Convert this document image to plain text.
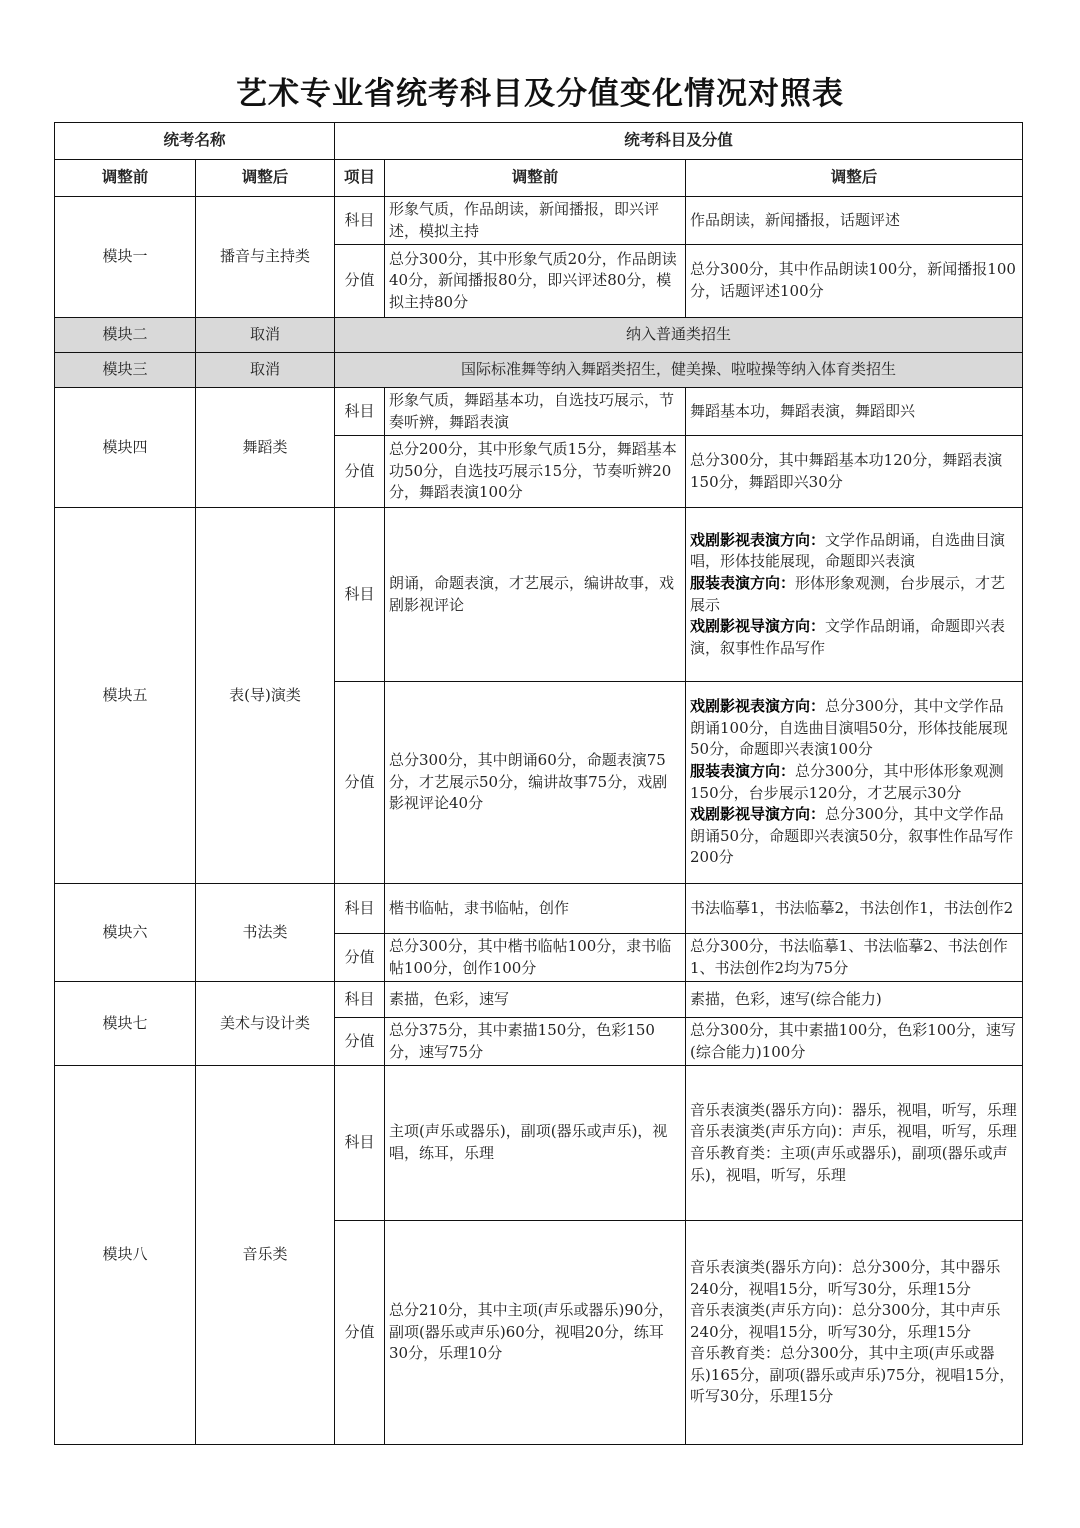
艺术专业省统考科目及分值变化情况对照表
统考名称		统考科目及分值		
调整前	调整后	项目	调整前	调整后
模块一	播音与主持类	科目	形象气质，作品朗读，新闻播报，即兴评述，模拟主持	作品朗读，新闻播报，话题评述
		分值	总分300分，其中形象气质20分，作品朗读40分，新闻播报80分，即兴评述80分，模拟主持80分	总分300分，其中作品朗读100分，新闻播报100分，话题评述100分
模块二	取消	纳入普通类招生		
模块三	取消	国际标准舞等纳入舞蹈类招生，健美操、啦啦操等纳入体育类招生		
模块四	舞蹈类	科目	形象气质，舞蹈基本功，自选技巧展示，节奏听辨，舞蹈表演	舞蹈基本功，舞蹈表演，舞蹈即兴
		分值	总分200分，其中形象气质15分，舞蹈基本功50分，自选技巧展示15分，节奏听辨20分，舞蹈表演100分	总分300分，其中舞蹈基本功120分，舞蹈表演150分，舞蹈即兴30分
模块五	表(导)演类	科目	朗诵，命题表演，才艺展示，编讲故事，戏剧影视评论	戏剧影视表演方向：文学作品朗诵，自选曲目演唱，形体技能展现，命题即兴表演
服装表演方向：形体形象观测，台步展示，才艺展示
戏剧影视导演方向：文学作品朗诵，命题即兴表演，叙事性作品写作

		分值	总分300分，其中朗诵60分，命题表演75分，才艺展示50分，编讲故事75分，戏剧影视评论40分	戏剧影视表演方向：总分300分，其中文学作品朗诵100分，自选曲目演唱50分，形体技能展现50分，命题即兴表演100分
服装表演方向：总分300分，其中形体形象观测150分，台步展示120分，才艺展示30分
戏剧影视导演方向：总分300分，其中文学作品朗诵50分，命题即兴表演50分，叙事性作品写作200分

模块六	书法类	科目	楷书临帖，隶书临帖，创作	书法临摹1，书法临摹2，书法创作1，书法创作2
		分值	总分300分，其中楷书临帖100分，隶书临帖100分，创作100分	总分300分，书法临摹1、书法临摹2、书法创作1、书法创作2均为75分
模块七	美术与设计类	科目	素描，色彩，速写	素描，色彩，速写(综合能力)
		分值	总分375分，其中素描150分，色彩150分，速写75分	总分300分，其中素描100分，色彩100分，速写(综合能力)100分
模块八	音乐类	科目	主项(声乐或器乐)，副项(器乐或声乐)，视唱，练耳，乐理	音乐表演类(器乐方向)：器乐，视唱，听写，乐理
音乐表演类(声乐方向)：声乐，视唱，听写，乐理
音乐教育类：主项(声乐或器乐)，副项(器乐或声乐)，视唱，听写，乐理

		分值	总分210分，其中主项(声乐或器乐)90分，副项(器乐或声乐)60分，视唱20分，练耳30分，乐理10分	音乐表演类(器乐方向)：总分300分，其中器乐240分，视唱15分，听写30分，乐理15分
音乐表演类(声乐方向)：总分300分，其中声乐240分，视唱15分，听写30分，乐理15分
音乐教育类：总分300分，其中主项(声乐或器乐)165分，副项(器乐或声乐)75分，视唱15分，听写30分，乐理15分
